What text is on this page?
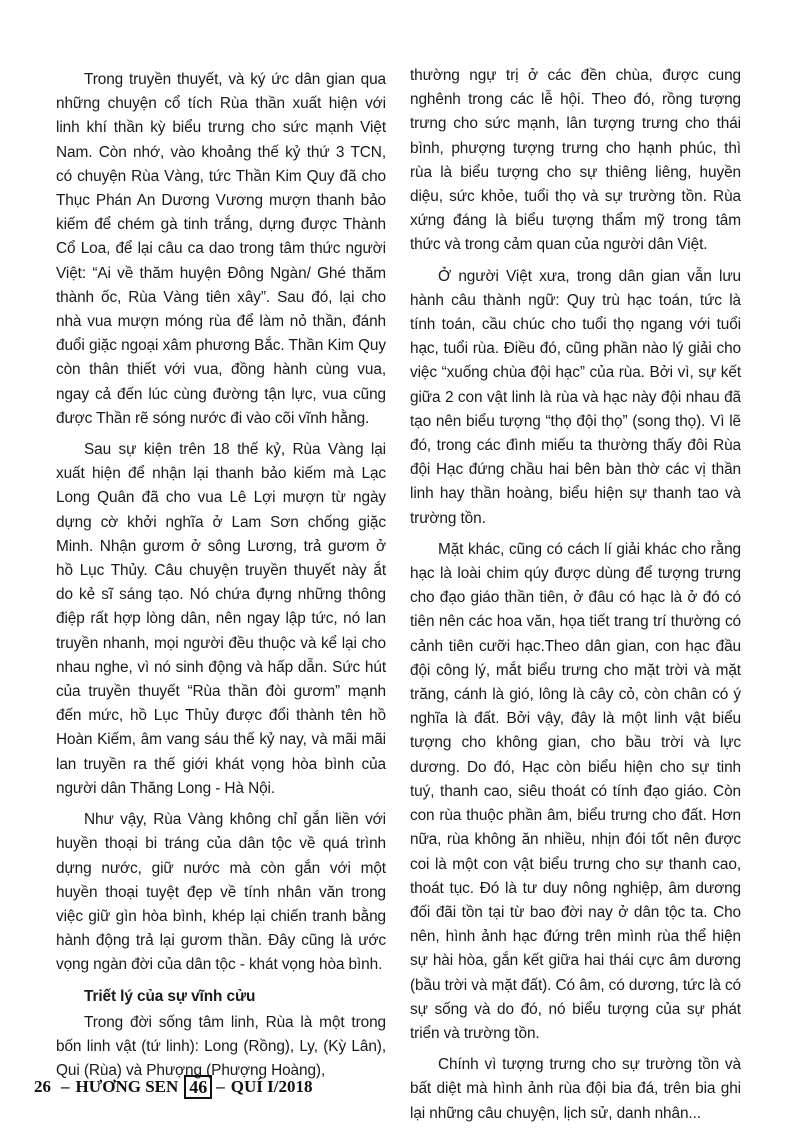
Trong truyền thuyết, và ký ức dân gian qua những chuyện cổ tích Rùa thần xuất hiện với linh khí thần kỳ biểu trưng cho sức mạnh Việt Nam. Còn nhớ, vào khoảng thế kỷ thứ 3 TCN, có chuyện Rùa Vàng, tức Thần Kim Quy đã cho Thục Phán An Dương Vương mượn thanh bảo kiếm để chém gà tinh trắng, dựng được Thành Cổ Loa, để lại câu ca dao trong tâm thức người Việt: “Ai về thăm huyện Đông Ngàn/ Ghé thăm thành ốc, Rùa Vàng tiên xây”. Sau đó, lại cho nhà vua mượn móng rùa để làm nỏ thần, đánh đuổi giặc ngoại xâm phương Bắc. Thần Kim Quy còn thân thiết với vua, đồng hành cùng vua, ngay cả đến lúc cùng đường tận lực, vua cũng được Thần rẽ sóng nước đi vào cõi vĩnh hằng.

Sau sự kiện trên 18 thế kỷ, Rùa Vàng lại xuất hiện để nhận lại thanh bảo kiếm mà Lạc Long Quân đã cho vua Lê Lợi mượn từ ngày dựng cờ khởi nghĩa ở Lam Sơn chống giặc Minh. Nhận gươm ở sông Lương, trả gươm ở hồ Lục Thủy. Câu chuyện truyền thuyết này ắt do kẻ sĩ sáng tạo. Nó chứa đựng những thông điệp rất hợp lòng dân, nên ngay lập tức, nó lan truyền nhanh, mọi người đều thuộc và kể lại cho nhau nghe, vì nó sinh động và hấp dẫn. Sức hút của truyền thuyết “Rùa thần đòi gươm” mạnh đến mức, hồ Lục Thủy được đổi thành tên hồ Hoàn Kiếm, âm vang sáu thế kỷ nay, và mãi mãi lan truyền ra thế giới khát vọng hòa bình của người dân Thăng Long - Hà Nội.

Như vậy, Rùa Vàng không chỉ gắn liền với huyền thoại bi tráng của dân tộc về quá trình dựng nước, giữ nước mà còn gắn với một huyền thoại tuyệt đẹp về tính nhân văn trong việc giữ gìn hòa bình, khép lại chiến tranh bằng hành động trả lại gươm thần. Đây cũng là ước vọng ngàn đời của dân tộc - khát vọng hòa bình.

Triết lý của sự vĩnh cửu

Trong đời sống tâm linh, Rùa là một trong bốn linh vật (tứ linh): Long (Rồng), Ly, (Kỳ Lân), Qui (Rùa) và Phượng (Phượng Hoàng),

thường ngự trị ở các đền chùa, được cung nghênh trong các lễ hội. Theo đó, rồng tượng trưng cho sức mạnh, lân tượng trưng cho thái bình, phượng tượng trưng cho hạnh phúc, thì rùa là biểu tượng cho sự thiêng liêng, huyền diệu, sức khỏe, tuổi thọ và sự trường tồn. Rùa xứng đáng là biểu tượng thẩm mỹ trong tâm thức và trong cảm quan của người dân Việt.

Ở người Việt xưa, trong dân gian vẫn lưu hành câu thành ngữ: Quy trù hạc toán, tức là tính toán, cầu chúc cho tuổi thọ ngang với tuổi hạc, tuổi rùa. Điều đó, cũng phần nào lý giải cho việc “xuống chùa đội hạc” của rùa. Bởi vì, sự kết giữa 2 con vật linh là rùa và hạc này đội nhau đã tạo nên biểu tượng “thọ đội thọ” (song thọ). Vì lẽ đó, trong các đình miếu ta thường thấy đôi Rùa đội Hạc đứng chầu hai bên bàn thờ các vị thần linh hay thần hoàng, biểu hiện sự thanh tao và trường tồn.

Mặt khác, cũng có cách lí giải khác cho rằng hạc là loài chim qúy được dùng để tượng trưng cho đạo giáo thần tiên, ở đâu có hạc là ở đó có tiên nên các hoa văn, họa tiết trang trí thường có cảnh tiên cưỡi hạc.Theo dân gian, con hạc đầu đội công lý, mắt biểu trưng cho mặt trời và mặt trăng, cánh là gió, lông là cây cỏ, còn chân có ý nghĩa là đất. Bởi vậy, đây là một linh vật biểu tượng cho không gian, cho bầu trời và lực dương. Do đó, Hạc còn biểu hiện cho sự tinh tuý, thanh cao, siêu thoát có tính đạo giáo. Còn con rùa thuộc phần âm, biểu trưng cho đất. Hơn nữa, rùa không ăn nhiều, nhịn đói tốt nên được coi là một con vật biểu trưng cho sự thanh cao, thoát tục. Đó là tư duy nông nghiệp, âm dương đối đãi tồn tại từ bao đời nay ở dân tộc ta. Cho nên, hình ảnh hạc đứng trên mình rùa thể hiện sự hài hòa, gắn kết giữa hai thái cực âm dương (bầu trời và mặt đất). Có âm, có dương, tức là có sự sống và do đó, nó biểu tượng của sự phát triển và trường tồn.

Chính vì tượng trưng cho sự trường tồn và bất diệt mà hình ảnh rùa đội bia đá, trên bia ghi lại những câu chuyện, lịch sử, danh nhân...

26 – HƯƠNG SEN 46 – QUÍ I/2018
